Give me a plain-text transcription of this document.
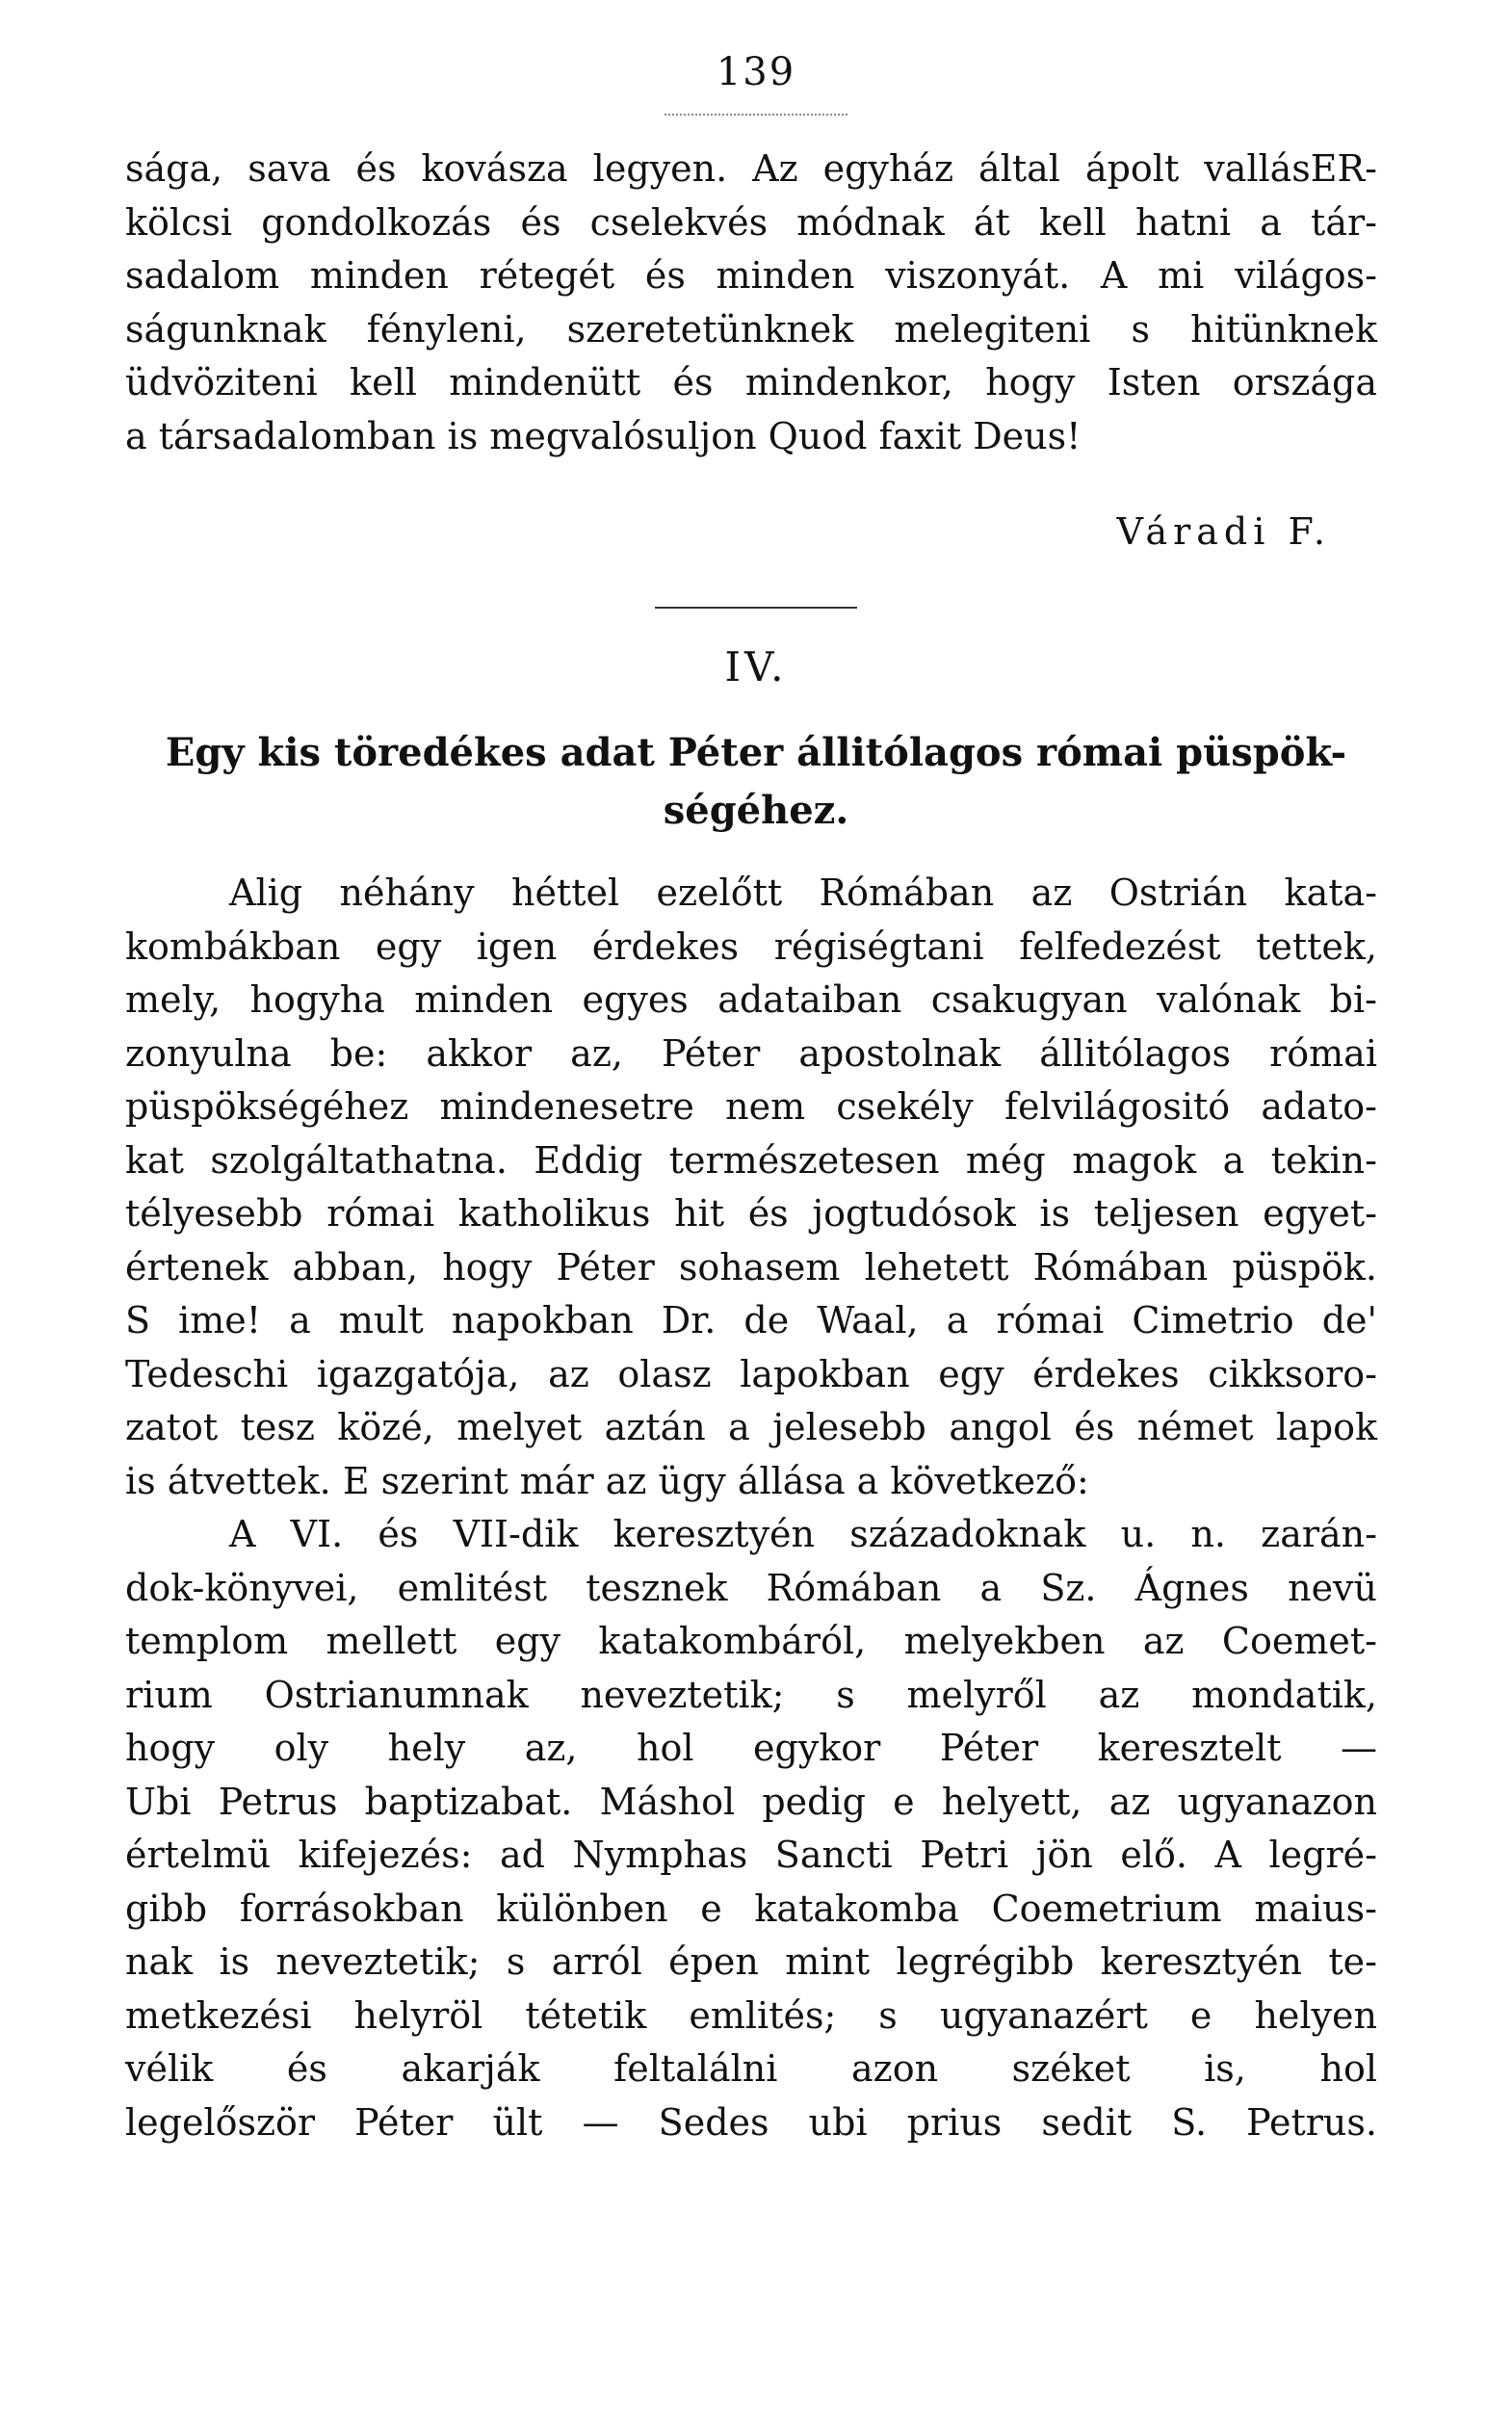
139
sága, sava és kovásza legyen. Az egyház által ápolt vallásER-
kölcsi gondolkozás és cselekvés módnak át kell hatni a tár-
sadalom minden rétegét és minden viszonyát. A mi világos-
ságunknak fényleni, szeretetünknek melegiteni s hitünknek
üdvöziteni kell mindenütt és mindenkor, hogy Isten országa
a társadalomban is megvalósuljon Quod faxit Deus!
Váradi F.
IV.
Egy kis töredékes adat Péter állitólagos római püspök-
ségéhez.
Alig néhány héttel ezelőtt Rómában az Ostrián kata-
kombákban egy igen érdekes régiségtani felfedezést tettek,
mely, hogyha minden egyes adataiban csakugyan valónak bi-
zonyulna be: akkor az, Péter apostolnak állitólagos római
püspökségéhez mindenesetre nem csekély felvilágositó adato-
kat szolgáltathatna. Eddig természetesen még magok a tekin-
télyesebb római katholikus hit és jogtudósok is teljesen egyet-
értenek abban, hogy Péter sohasem lehetett Rómában püspök.
S ime! a mult napokban Dr. de Waal, a római Cimetrio de'
Tedeschi igazgatója, az olasz lapokban egy érdekes cikksoro-
zatot tesz közé, melyet aztán a jelesebb angol és német lapok
is átvettek. E szerint már az ügy állása a következő:
A VI. és VII-dik keresztyén századoknak u. n. zarán-
dok-könyvei, emlitést tesznek Rómában a Sz. Ágnes nevü
templom mellett egy katakombáról, melyekben az Coemet-
rium Ostrianumnak neveztetik; s melyről az mondatik,
hogy oly hely az, hol egykor Péter keresztelt —
Ubi Petrus baptizabat. Máshol pedig e helyett, az ugyanazon
értelmü kifejezés: ad Nymphas Sancti Petri jön elő. A legré-
gibb forrásokban különben e katakomba Coemetrium maius-
nak is neveztetik; s arról épen mint legrégibb keresztyén te-
metkezési helyröl tétetik emlités; s ugyanazért e helyen
vélik és akarják feltalálni azon széket is, hol
legelőször Péter ült — Sedes ubi prius sedit S. Petrus.
